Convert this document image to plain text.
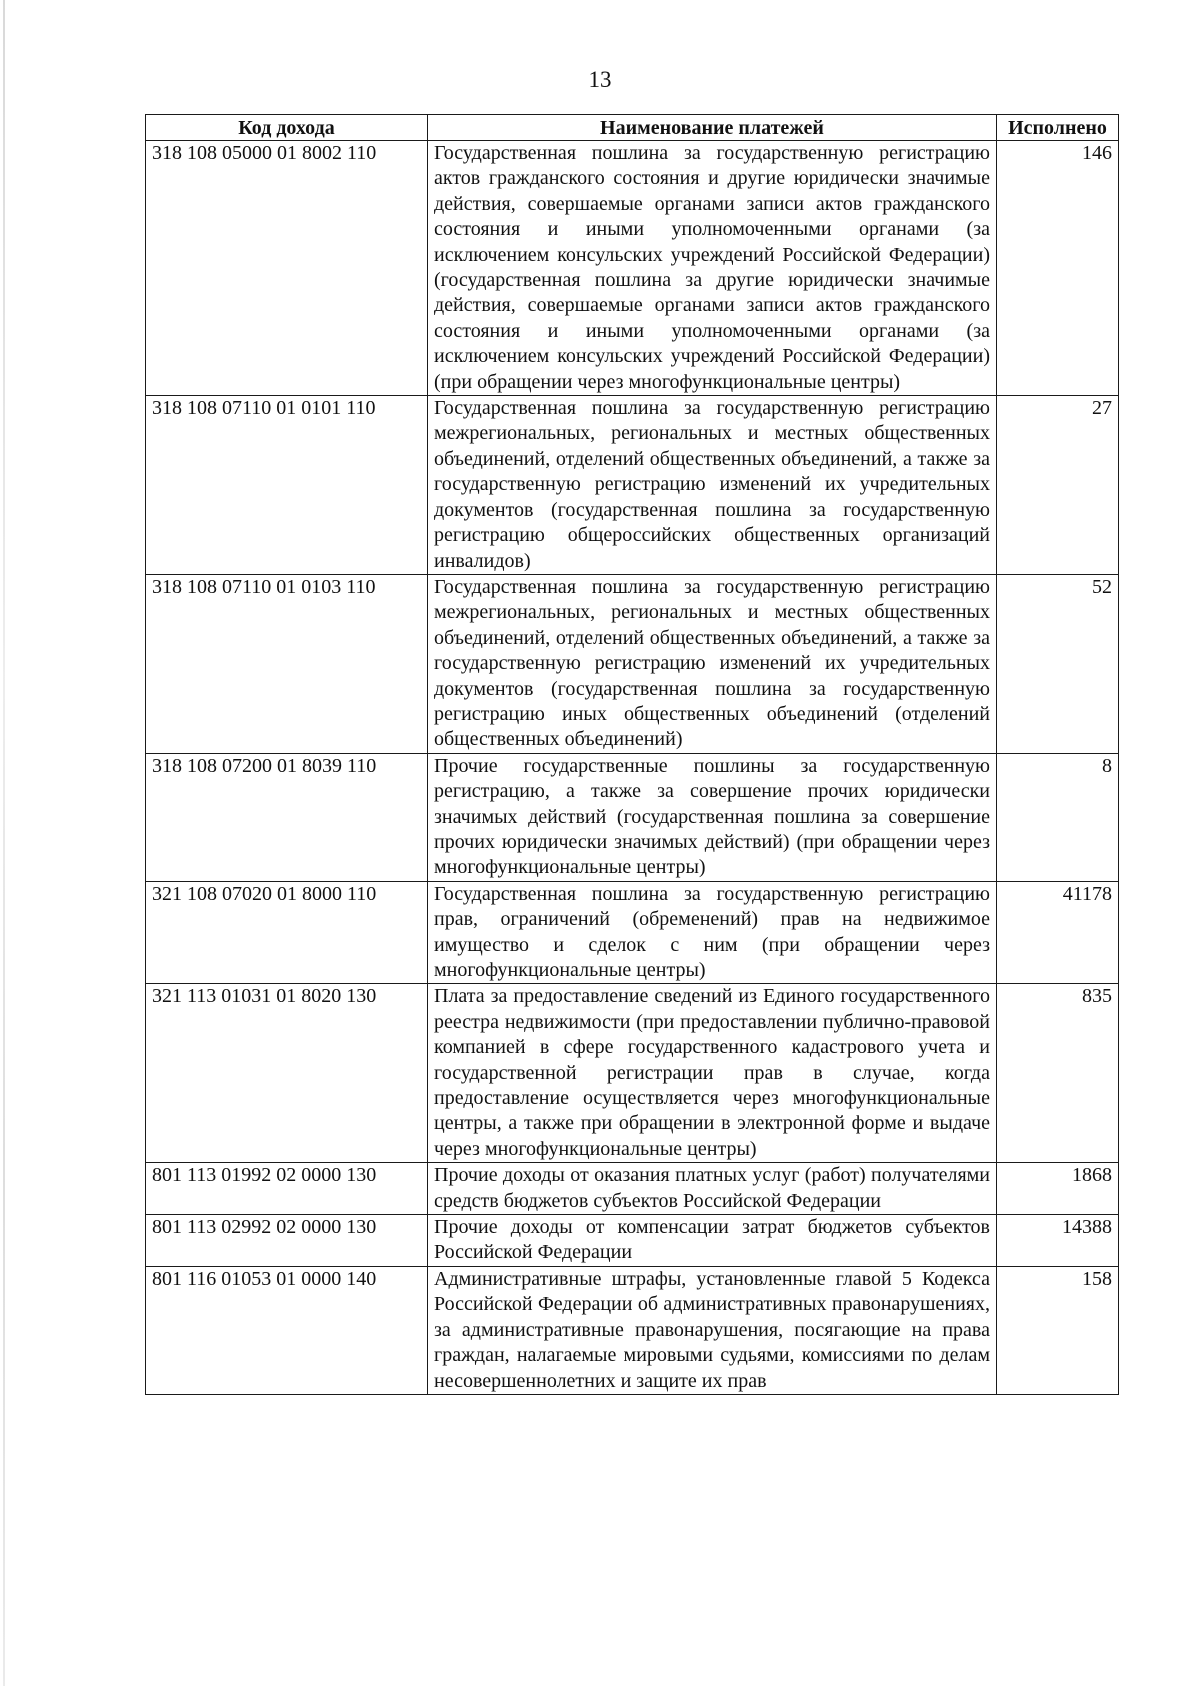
13
Код дохода	Наименование платежей	Исполнено
318 108 05000 01 8002 110	Государственная пошлина за государственную регистрацию актов гражданского состояния и другие юридически значимые действия, совершаемые органами записи актов гражданского состояния и иными уполномоченными органами (за исключением консульских учреждений Российской Федерации) (государственная пошлина за другие юридически значимые действия, совершаемые органами записи актов гражданского состояния и иными уполномоченными органами (за исключением консульских учреждений Российской Федерации) (при обращении через многофункциональные центры)	146
318 108 07110 01 0101 110	Государственная пошлина за государственную регистрацию межрегиональных, региональных и местных общественных объединений, отделений общественных объединений, а также за государственную регистрацию изменений их учредительных документов (государственная пошлина за государственную регистрацию общероссийских общественных организаций инвалидов)	27
318 108 07110 01 0103 110	Государственная пошлина за государственную регистрацию межрегиональных, региональных и местных общественных объединений, отделений общественных объединений, а также за государственную регистрацию изменений их учредительных документов (государственная пошлина за государственную регистрацию иных общественных объединений (отделений общественных объединений)	52
318 108 07200 01 8039 110	Прочие государственные пошлины за государственную регистрацию, а также за совершение прочих юридически значимых действий (государственная пошлина за совершение прочих юридически значимых действий) (при обращении через многофункциональные центры)	8
321 108 07020 01 8000 110	Государственная пошлина за государственную регистрацию прав, ограничений (обременений) прав на недвижимое имущество и сделок с ним (при обращении через многофункциональные центры)	41178
321 113 01031 01 8020 130	Плата за предоставление сведений из Единого государственного реестра недвижимости (при предоставлении публично-правовой компанией в сфере государственного кадастрового учета и государственной регистрации прав в случае, когда предоставление осуществляется через многофункциональные центры, а также при обращении в электронной форме и выдаче через многофункциональные центры)	835
801 113 01992 02 0000 130	Прочие доходы от оказания платных услуг (работ) получателями средств бюджетов субъектов Российской Федерации	1868
801 113 02992 02 0000 130	Прочие доходы от компенсации затрат бюджетов субъектов Российской Федерации	14388
801 116 01053 01 0000 140	Административные штрафы, установленные главой 5 Кодекса Российской Федерации об административных правонарушениях, за административные правонарушения, посягающие на права граждан, налагаемые мировыми судьями, комиссиями по делам несовершеннолетних и защите их прав	158
